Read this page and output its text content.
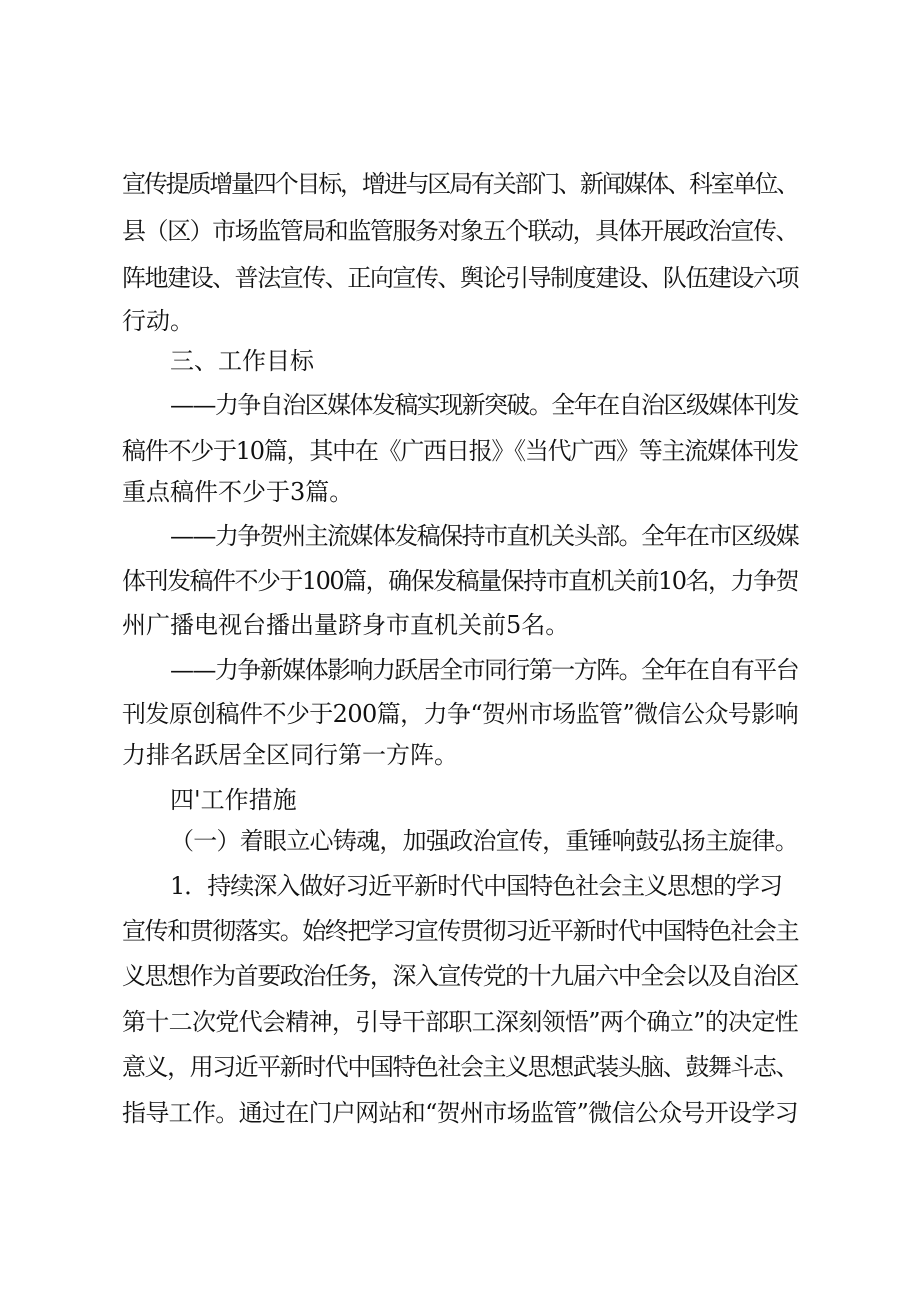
宣传提质增量四个目标，增进与区局有关部门、新闻媒体、科室单位、
县（区）市场监管局和监管服务对象五个联动，具体开展政治宣传、
阵地建设、普法宣传、正向宣传、舆论引导制度建设、队伍建设六项
行动。
三、工作目标
——力争自治区媒体发稿实现新突破。全年在自治区级媒体刊发
稿件不少于10篇，其中在《广西日报》《当代广西》等主流媒体刊发
重点稿件不少于3篇。
——力争贺州主流媒体发稿保持市直机关头部。全年在市区级媒
体刊发稿件不少于100篇，确保发稿量保持市直机关前10名，力争贺
州广播电视台播出量跻身市直机关前5名。
——力争新媒体影响力跃居全市同行第一方阵。全年在自有平台
刊发原创稿件不少于200篇，力争“贺州市场监管”微信公众号影响
力排名跃居全区同行第一方阵。
四'工作措施
（一）着眼立心铸魂，加强政治宣传，重锤响鼓弘扬主旋律。
1．持续深入做好习近平新时代中国特色社会主义思想的学习
宣传和贯彻落实。始终把学习宣传贯彻习近平新时代中国特色社会主
义思想作为首要政治任务，深入宣传党的十九届六中全会以及自治区
第十二次党代会精神，引导干部职工深刻领悟”两个确立”的决定性
意义，用习近平新时代中国特色社会主义思想武装头脑、鼓舞斗志、
指导工作。通过在门户网站和“贺州市场监管”微信公众号开设学习
